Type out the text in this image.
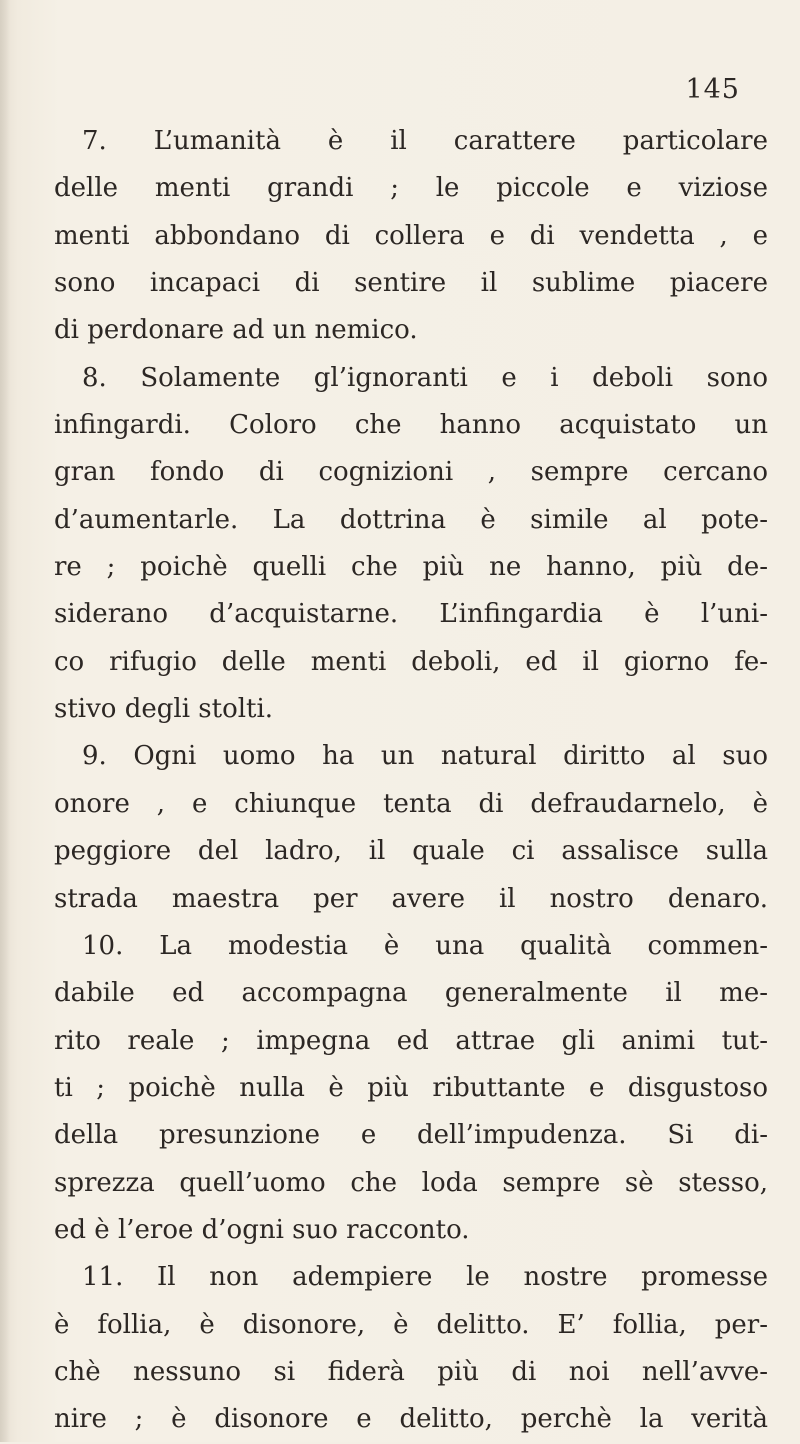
145
7. L’umanità è il carattere particolare
delle menti grandi ; le piccole e viziose
menti abbondano di collera e di vendetta , e
sono incapaci di sentire il sublime piacere
di perdonare ad un nemico.
8. Solamente gl’ignoranti e i deboli sono
infingardi. Coloro che hanno acquistato un
gran fondo di cognizioni , sempre cercano
d’aumentarle. La dottrina è simile al pote-
re ; poichè quelli che più ne hanno, più de-
siderano d’acquistarne. L’infingardia è l’uni-
co rifugio delle menti deboli, ed il giorno fe-
stivo degli stolti.
9. Ogni uomo ha un natural diritto al suo
onore , e chiunque tenta di defraudarnelo, è
peggiore del ladro, il quale ci assalisce sulla
strada maestra per avere il nostro denaro.
10. La modestia è una qualità commen-
dabile ed accompagna generalmente il me-
rito reale ; impegna ed attrae gli animi tut-
ti ; poichè nulla è più ributtante e disgustoso
della presunzione e dell’impudenza. Si di-
sprezza quell’uomo che loda sempre sè stesso,
ed è l’eroe d’ogni suo racconto.
11. Il non adempiere le nostre promesse
è follia, è disonore, è delitto. E’ follia, per-
chè nessuno si fiderà più di noi nell’avve-
nire ; è disonore e delitto, perchè la verità
